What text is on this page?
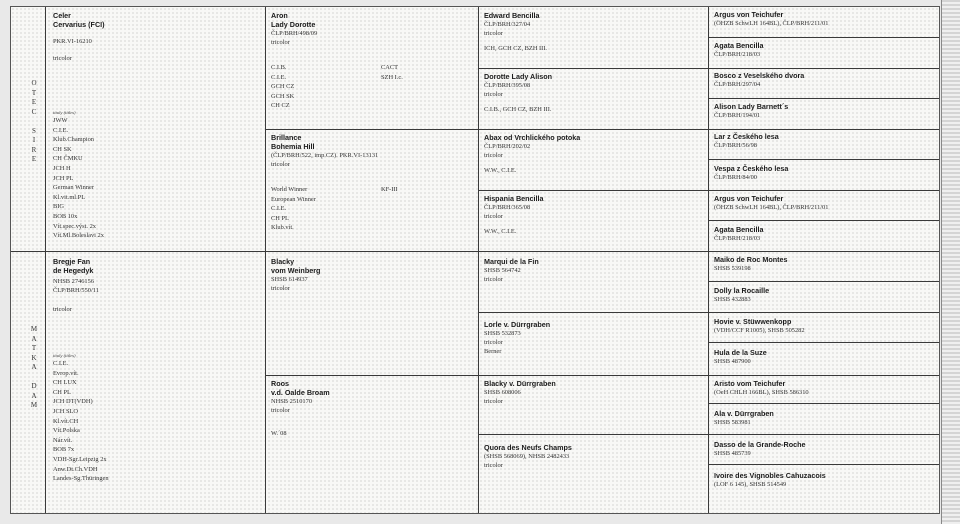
O
T
E
C

S
I
R
E
M
A
T
K
A

D
A
M
Celer
Cervarius (FCI)
PKR.VI-16210
tricolor
tituly (titles)
JWW
C.I.E.
Klub.Champion
CH SK
CH ČMKU
JCH H
JCH PL
German Winner
Kl.vit.ml.PL
BIG
BOB 10x
Vít.spec.výst. 2x
Vít.Ml.Boleslavi 2x
Bregje Fan
de Hegedyk
NHSB 2746156
ČLP/BRH/550/11
tricolor
tituly (titles)
C.I.E.
Evrop.vít.
CH LUX
CH PL
JCH DT(VDH)
JCH SLO
Kl.vít.CH
Vít.Polska
Nár.vít.
BOB 7x
VDH-Sgr.Leipzig 2x
Anw.Dt.Ch.VDH
Landes-Sg.Thüringen
Aron
Lady Dorotte
ČLP/BRH/498/09
tricolor
C.I.B.
C.I.E.
GCH CZ
GCH SK
CH CZ
CACT
SZH I.c.
Brillance
Bohemia Hill
(ČLP/BRH/522, imp.CZ). PKR.VI-13131
tricolor
World Winner
European Winner
C.I.E.
CH PL
Klub.vít.
KF-III
Blacky
vom Weinberg
SHSB 614937
tricolor
Roos
v.d. Oalde Broam
NHSB 2510170
tricolor
W.´08
Edward Bencilla
ČLP/BRH/327/04
tricolor
ICH, GCH CZ, BZH III.
Dorotte Lady Alison
ČLP/BRH/395/08
tricolor
C.I.B., GCH CZ, BZH III.
Abax od Vrchlického potoka
ČLP/BRH/202/02
tricolor
W.W., C.I.E.
Hispania Bencilla
ČLP/BRH/365/08
tricolor
W.W., C.I.E.
Marqui de la Fin
SHSB 564742
tricolor
Lorle v. Dürrgraben
SHSB 532873
tricolor
Berner
Blacky v. Dürrgraben
SHSB 608006
tricolor
Quora des Neufs Champs
(SHSB 568069), NHSB 2482433
tricolor
Argus von Teichufer
(ÖHZB SchwLH 164BL), ČLP/BRH/211/01
Agata Bencilla
ČLP/BRH/218/03
Bosco z Veselského dvora
ČLP/BRH/297/04
Alison Lady Barnett´s
ČLP/BRH/194/01
Lar z Českého lesa
ČLP/BRH/56/98
Vespa z Českého lesa
ČLP/BRH/84/00
Argus von Teichufer
(ÖHZB SchwLH 164BL), ČLP/BRH/211/01
Agata Bencilla
ČLP/BRH/218/03
Maiko de Roc Montes
SHSB 539198
Dolly la Rocaille
SHSB 432883
Hovie v. Stüwwenkopp
(VDH/CCF R1005), SHSB 505282
Hula de la Suze
SHSB 487900
Aristo vom Teichufer
(OeH CHLH 166BL), SHSB 586310
Ala v. Dürrgraben
SHSB 583981
Dasso de la Grande-Roche
SHSB 485739
Ivoire des Vignobles Cahuzacois
(LOF 6 145), SHSB 514549
